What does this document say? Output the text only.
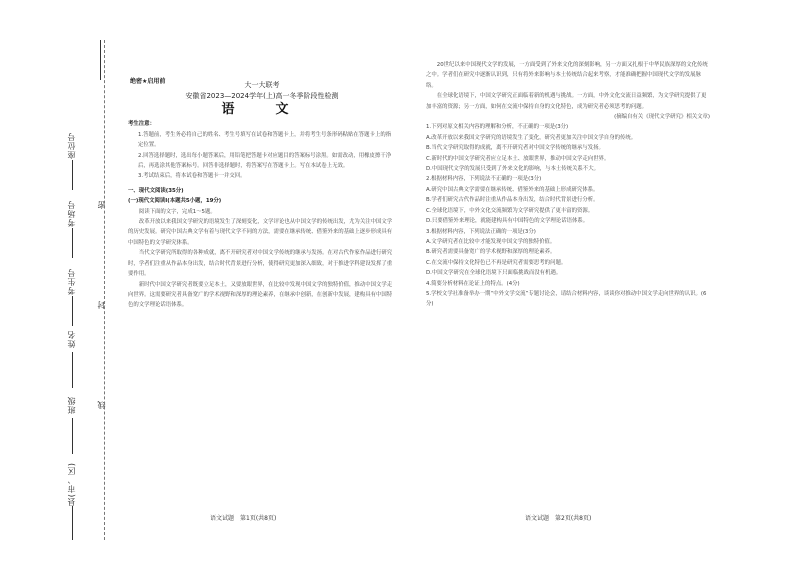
座位号
考场号
考生号
姓名
班级
县(市、区)
密
封
线
绝密★启用前	大一大联考
安徽省2023—2024学年(上)高一冬季阶段性检测
语　文

考生注意：

1.答题前，考生务必将自己的姓名、考生号填写在试卷和答题卡上，并将考生号条形码粘贴在答题卡上的指定位置。

2.回答选择题时，选出每小题答案后，用铅笔把答题卡对应题目的答案标号涂黑。如需改动，用橡皮擦干净后，再选涂其他答案标号。回答非选择题时，将答案写在答题卡上。写在本试卷上无效。

3.考试结束后，将本试卷和答题卡一并交回。

一、现代文阅读(35分)

(一)现代文阅读Ⅰ(本题共5小题，19分)

阅读下面的文字，完成1～5题。

改革开放以来我国文学研究的语境发生了深刻变化，文学评论也从中国文学的传统出发，尤为关注中国文学的历史发展。研究中国古典文学有着与现代文学不同的方法，需要在继承传统、借鉴外来的基础上逐步形成具有中国特色的文学研究体系。

当代文学研究所取得的各种成就，离不开研究者对中国文学传统的继承与发扬。在对古代作家作品进行研究时，学者们注重从作品本身出发，结合时代背景进行分析，使得研究更加深入细致，对于推进学科建设发挥了重要作用。

新时代中国文学研究者既要立足本土，又要放眼世界，在比较中发现中国文学的独特价值，推动中国文学走向世界。这需要研究者具备宽广的学术视野和深厚的理论素养，在继承中创新，在创新中发展，建构具有中国特色的文学理论话语体系。

20世纪以来中国现代文学的发展，一方面受到了外来文化的深刻影响，另一方面又扎根于中华民族深厚的文化传统之中。学者们在研究中逐渐认识到，只有将外来影响与本土传统结合起来考察，才能准确把握中国现代文学的发展脉络。

在全球化语境下，中国文学研究正面临着新的机遇与挑战。一方面，中外文化交流日益频繁，为文学研究提供了更加丰富的资源；另一方面，如何在交流中保持自身的文化特色，成为研究者必须思考的问题。

(摘编自有关《现代文学研究》相关文章)

1.下列对原文相关内容的理解和分析，不正确的一项是(3分)

A.改革开放以来我国文学研究的语境发生了变化，研究者更加关注中国文学自身的传统。

B.当代文学研究取得的成就，离不开研究者对中国文学传统的继承与发扬。

C.新时代的中国文学研究者应立足本土、放眼世界，推动中国文学走向世界。

D.中国现代文学的发展只受到了外来文化的影响，与本土传统关系不大。

2.根据材料内容，下列说法不正确的一项是(3分)

A.研究中国古典文学需要在继承传统、借鉴外来的基础上形成研究体系。

B.学者们研究古代作品时注重从作品本身出发，结合时代背景进行分析。

C.全球化语境下，中外文化交流频繁为文学研究提供了更丰富的资源。

D.只要借鉴外来理论，就能建构具有中国特色的文学理论话语体系。

3.根据材料内容，下列说法正确的一项是(3分)

A.文学研究者在比较中才能发现中国文学的独特价值。

B.研究者需要具备宽广的学术视野和深厚的理论素养。

C.在交流中保持文化特色已不再是研究者需要思考的问题。

D.中国文学研究在全球化语境下只面临挑战而没有机遇。

4.简要分析材料在论证上的特点。(4分)

5.学校文学社准备举办一期“中外文学交流”专题讨论会，请结合材料内容，谈谈你对推动中国文学走向世界的认识。(6分)

语文试题　第1页(共8页)	语文试题　第2页(共8页)
